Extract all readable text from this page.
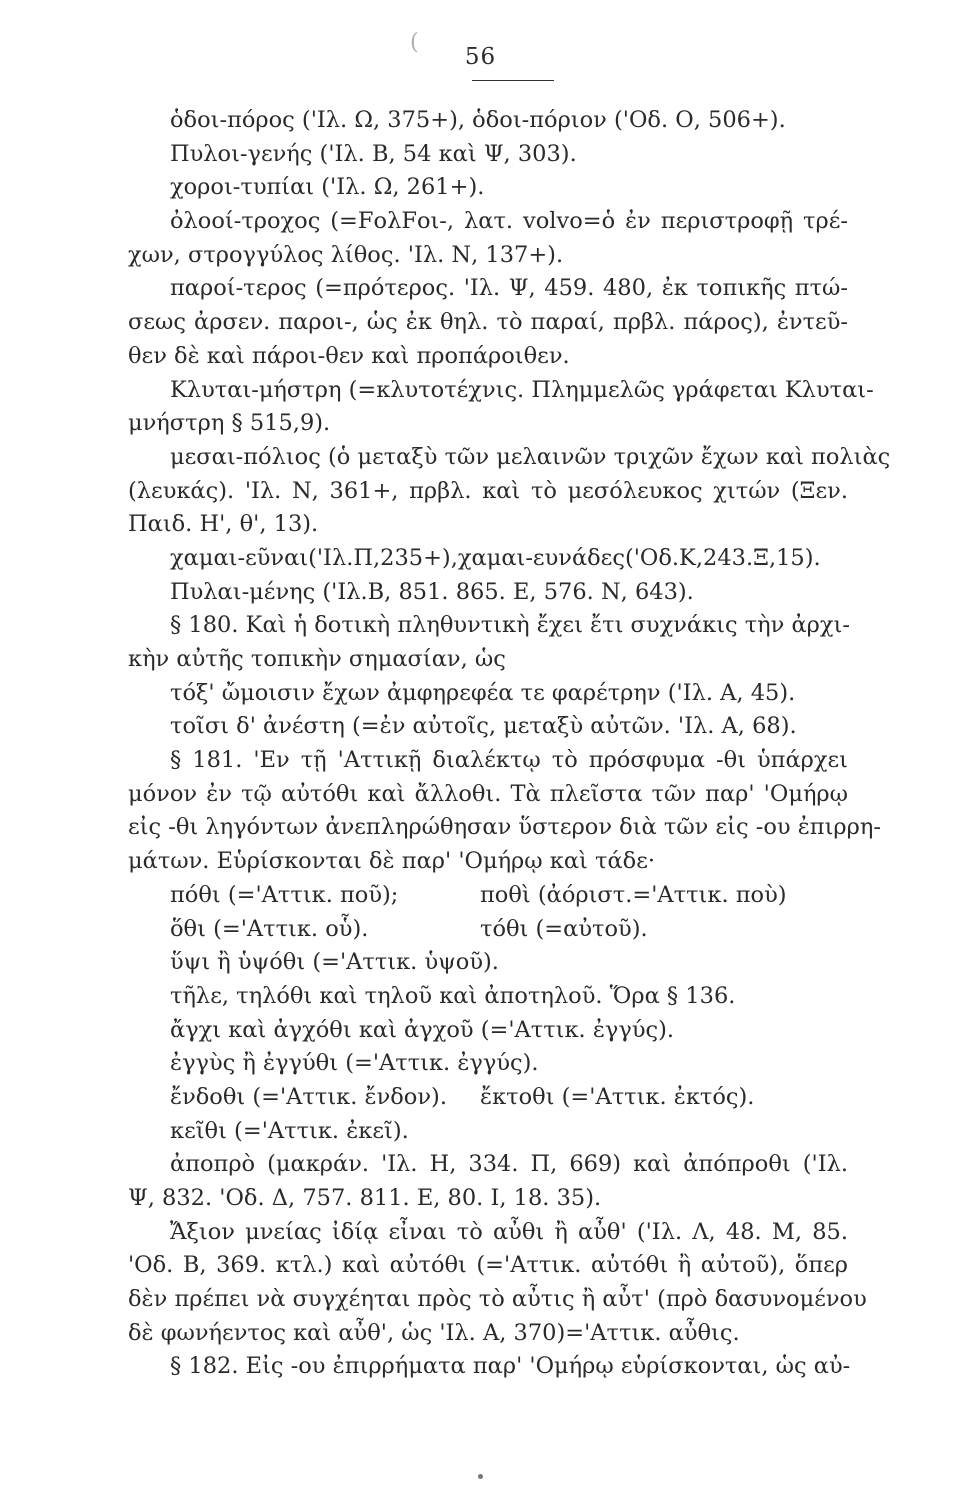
(
56
ὁδοι-πόρος ('Ιλ. Ω, 375+), ὁδοι-πόριον ('Οδ. Ο, 506+).
Πυλοι-γενής ('Ιλ. Β, 54 καὶ Ψ, 303).
χοροι-τυπίαι ('Ιλ. Ω, 261+).
ὀλοοί-τροχος (=FολFοι-, λατ. volvo=ὁ ἐν περιστροφῇ τρέ-
χων, στρογγύλος λίθος. 'Ιλ. Ν, 137+).
παροί-τερος (=πρότερος. 'Ιλ. Ψ, 459. 480, ἐκ τοπικῆς πτώ-
σεως ἀρσεν. παροι-, ὡς ἐκ θηλ. τὸ παραί, πρβλ. πάρος), ἐντεῦ-
θεν δὲ καὶ πάροι-θεν καὶ προπάροιθεν.
Κλυται-μήστρη (=κλυτοτέχνις. Πλημμελῶς γράφεται Κλυται-
μνήστρη § 515,9).
μεσαι-πόλιος (ὁ μεταξὺ τῶν μελαινῶν τριχῶν ἔχων καὶ πολιὰς
(λευκάς). 'Ιλ. Ν, 361+, πρβλ. καὶ τὸ μεσόλευκος χιτών (Ξεν.
Παιδ. Η', θ', 13).
χαμαι-εῦναι('Ιλ.Π,235+),χαμαι-ευνάδες('Οδ.Κ,243.Ξ,15).
Πυλαι-μένης ('Ιλ.Β, 851. 865. Ε, 576. Ν, 643).
§ 180. Καὶ ἡ δοτικὴ πληθυντικὴ ἔχει ἔτι συχνάκις τὴν ἀρχι-
κὴν αὐτῆς τοπικὴν σημασίαν, ὡς
τόξ' ὤμοισιν ἔχων ἀμφηρεφέα τε φαρέτρην ('Ιλ. Α, 45).
τοῖσι δ' ἀνέστη (=ἐν αὐτοῖς, μεταξὺ αὐτῶν. 'Ιλ. Α, 68).
§ 181. 'Εν τῇ 'Αττικῇ διαλέκτῳ τὸ πρόσφυμα -θι ὑπάρχει
μόνον ἐν τῷ αὐτόθι καὶ ἄλλοθι. Τὰ πλεῖστα τῶν παρ' 'Ομήρῳ
εἰς -θι ληγόντων ἀνεπληρώθησαν ὕστερον διὰ τῶν εἰς -ου ἐπιρρη-
μάτων. Εὑρίσκονται δὲ παρ' 'Ομήρῳ καὶ τάδε·
πόθι (='Αττικ. ποῦ);	ποθὶ (ἀόριστ.='Αττικ. ποὺ)
ὅθι (='Αττικ. οὗ).	τόθι (=αὐτοῦ).
ὕψι ἢ ὑψόθι (='Αττικ. ὑψοῦ).
τῆλε, τηλόθι καὶ τηλοῦ καὶ ἀποτηλοῦ. Ὅρα § 136.
ἄγχι καὶ ἀγχόθι καὶ ἀγχοῦ (='Αττικ. ἐγγύς).
ἐγγὺς ἢ ἐγγύθι (='Αττικ. ἐγγύς).
ἔνδοθι (='Αττικ. ἔνδον). ἔκτοθι (='Αττικ. ἐκτός).
κεῖθι (='Αττικ. ἐκεῖ).
ἀποπρὸ (μακράν. 'Ιλ. Η, 334. Π, 669) καὶ ἀπόπροθι ('Ιλ.
Ψ, 832. 'Οδ. Δ, 757. 811. Ε, 80. Ι, 18. 35).
Ἄξιον μνείας ἰδίᾳ εἶναι τὸ αὖθι ἢ αὖθ' ('Ιλ. Λ, 48. Μ, 85.
'Οδ. Β, 369. κτλ.) καὶ αὐτόθι (='Αττικ. αὐτόθι ἢ αὐτοῦ), ὅπερ
δὲν πρέπει νὰ συγχέηται πρὸς τὸ αὖτις ἢ αὖτ' (πρὸ δασυνομένου
δὲ φωνήεντος καὶ αὖθ', ὡς 'Ιλ. Α, 370)='Αττικ. αὖθις.
§ 182. Εἰς -ου ἐπιρρήματα παρ' 'Ομήρῳ εὑρίσκονται, ὡς αὐ-
